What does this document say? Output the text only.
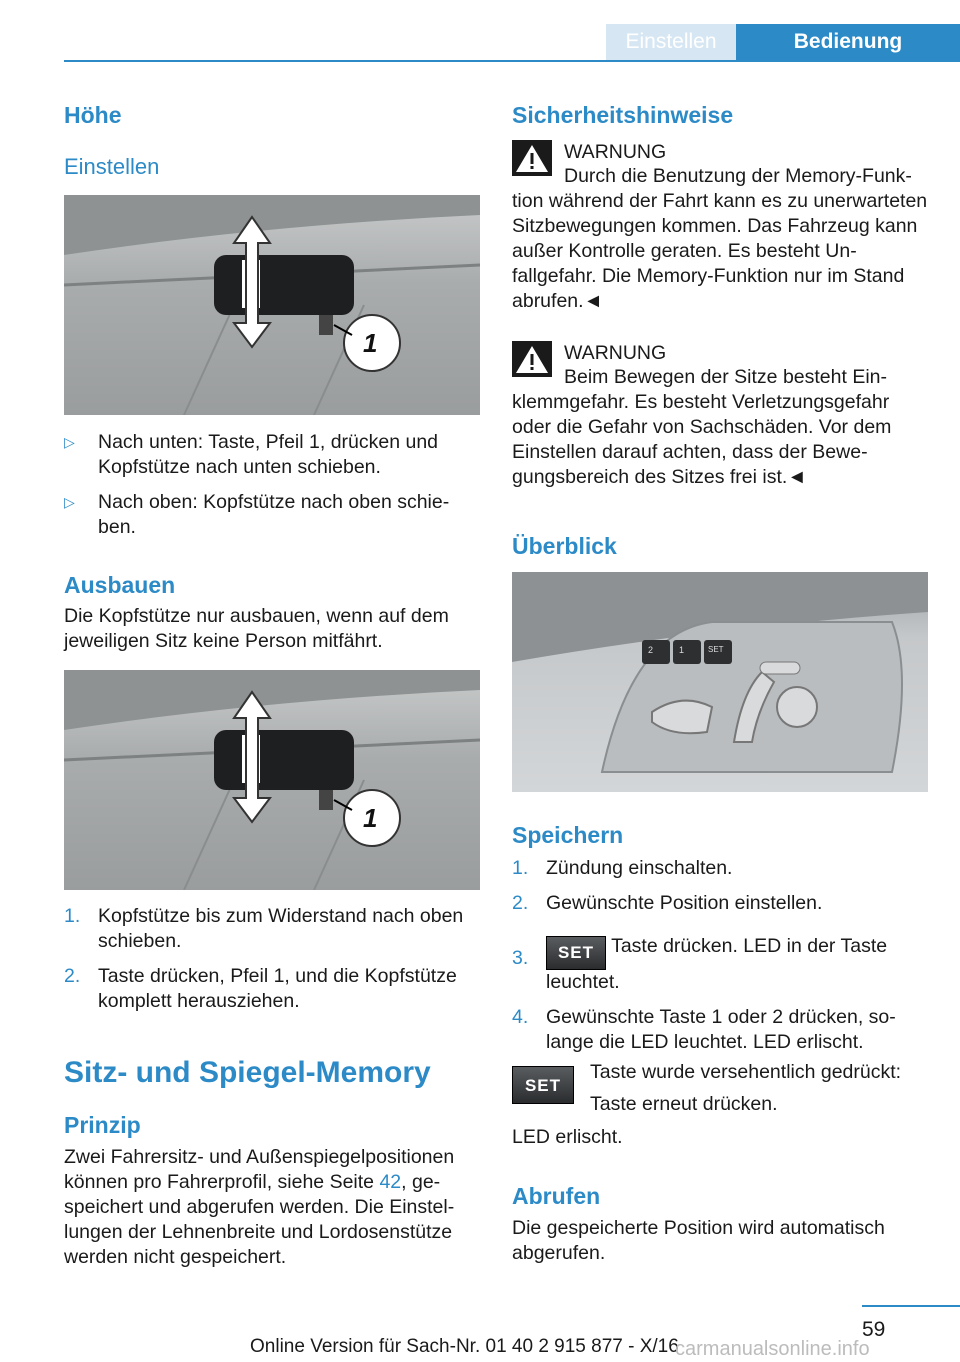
Einstellen	Bedienung
Höhe
Einstellen
1
▷ Nach unten: Taste, Pfeil 1, drücken und Kopfstütze nach unten schieben.
▷ Nach oben: Kopfstütze nach oben schieben.
Ausbauen
Die Kopfstütze nur ausbauen, wenn auf dem jeweiligen Sitz keine Person mitfährt.
1
1. Kopfstütze bis zum Widerstand nach oben schieben.
2. Taste drücken, Pfeil 1, und die Kopfstütze komplett herausziehen.
Sitz- und Spiegel-Memory
Prinzip
Zwei Fahrersitz- und Außenspiegelpositionen können pro Fahrerprofil, siehe Seite 42, gespeichert und abgerufen werden. Die Einstellungen der Lehnenbreite und Lordosenstütze werden nicht gespeichert.
Sicherheitshinweise
WARNUNG
Durch die Benutzung der Memory-Funktion während der Fahrt kann es zu unerwarteten Sitzbewegungen kommen. Das Fahrzeug kann außer Kontrolle geraten. Es besteht Unfallgefahr. Die Memory-Funktion nur im Stand abrufen.◄
WARNUNG
Beim Bewegen der Sitze besteht Einklemmgefahr. Es besteht Verletzungsgefahr oder die Gefahr von Sachschäden. Vor dem Einstellen darauf achten, dass der Bewegungsbereich des Sitzes frei ist.◄
Überblick
2	1	SET
Speichern
1. Zündung einschalten.
2. Gewünschte Position einstellen.
3. SET Taste drücken. LED in der Taste leuchtet.
4. Gewünschte Taste 1 oder 2 drücken, solange die LED leuchtet. LED erlischt.
SET
Taste wurde versehentlich gedrückt:
Taste erneut drücken.
LED erlischt.
Abrufen
Die gespeicherte Position wird automatisch abgerufen.
59
Online Version für Sach-Nr. 01 40 2 915 877 - X/16
carmanualsonline.info
